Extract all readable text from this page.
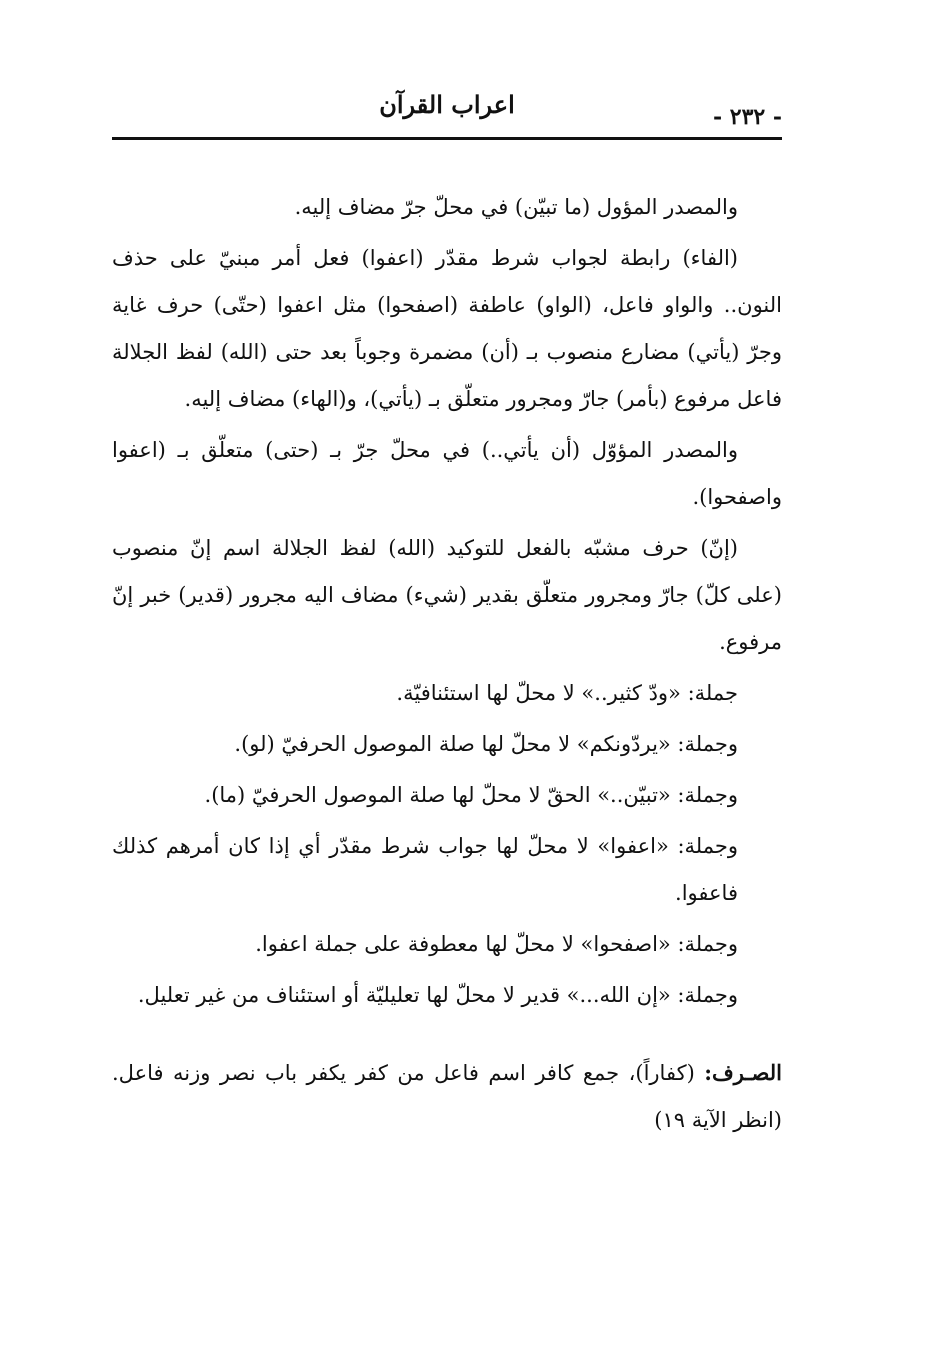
اعراب القرآن	- ٢٣٢ -

والمصدر المؤول (ما تبيّن) في محلّ جرّ مضاف إليه.

(الفاء) رابطة لجواب شرط مقدّر (اعفوا) فعل أمر مبنيّ على حذف النون.. والواو فاعل، (الواو) عاطفة (اصفحوا) مثل اعفوا (حتّى) حرف غاية وجرّ (يأتي) مضارع منصوب بـ (أن) مضمرة وجوباً بعد حتى (الله) لفظ الجلالة فاعل مرفوع (بأمر) جارّ ومجرور متعلّق بـ (يأتي)، و(الهاء) مضاف إليه.

والمصدر المؤوّل (أن يأتي..) في محلّ جرّ بـ (حتى) متعلّق بـ (اعفوا واصفحوا).

(إنّ) حرف مشبّه بالفعل للتوكيد (الله) لفظ الجلالة اسم إنّ منصوب (على كلّ) جارّ ومجرور متعلّق بقدير (شيء) مضاف اليه مجرور (قدير) خبر إنّ مرفوع.

جملة: «ودّ كثير..» لا محلّ لها استئنافيّة.
وجملة: «يردّونكم» لا محلّ لها صلة الموصول الحرفيّ (لو).
وجملة: «تبيّن..» الحقّ لا محلّ لها صلة الموصول الحرفيّ (ما).
وجملة: «اعفوا» لا محلّ لها جواب شرط مقدّر أي إذا كان أمرهم كذلك فاعفوا.
وجملة: «اصفحوا» لا محلّ لها معطوفة على جملة اعفوا.
وجملة: «إن الله...» قدير لا محلّ لها تعليليّة أو استئناف من غير تعليل.

الصـرف: (كفاراً)، جمع كافر اسم فاعل من كفر يكفر باب نصر وزنه فاعل. (انظر الآية ١٩)
